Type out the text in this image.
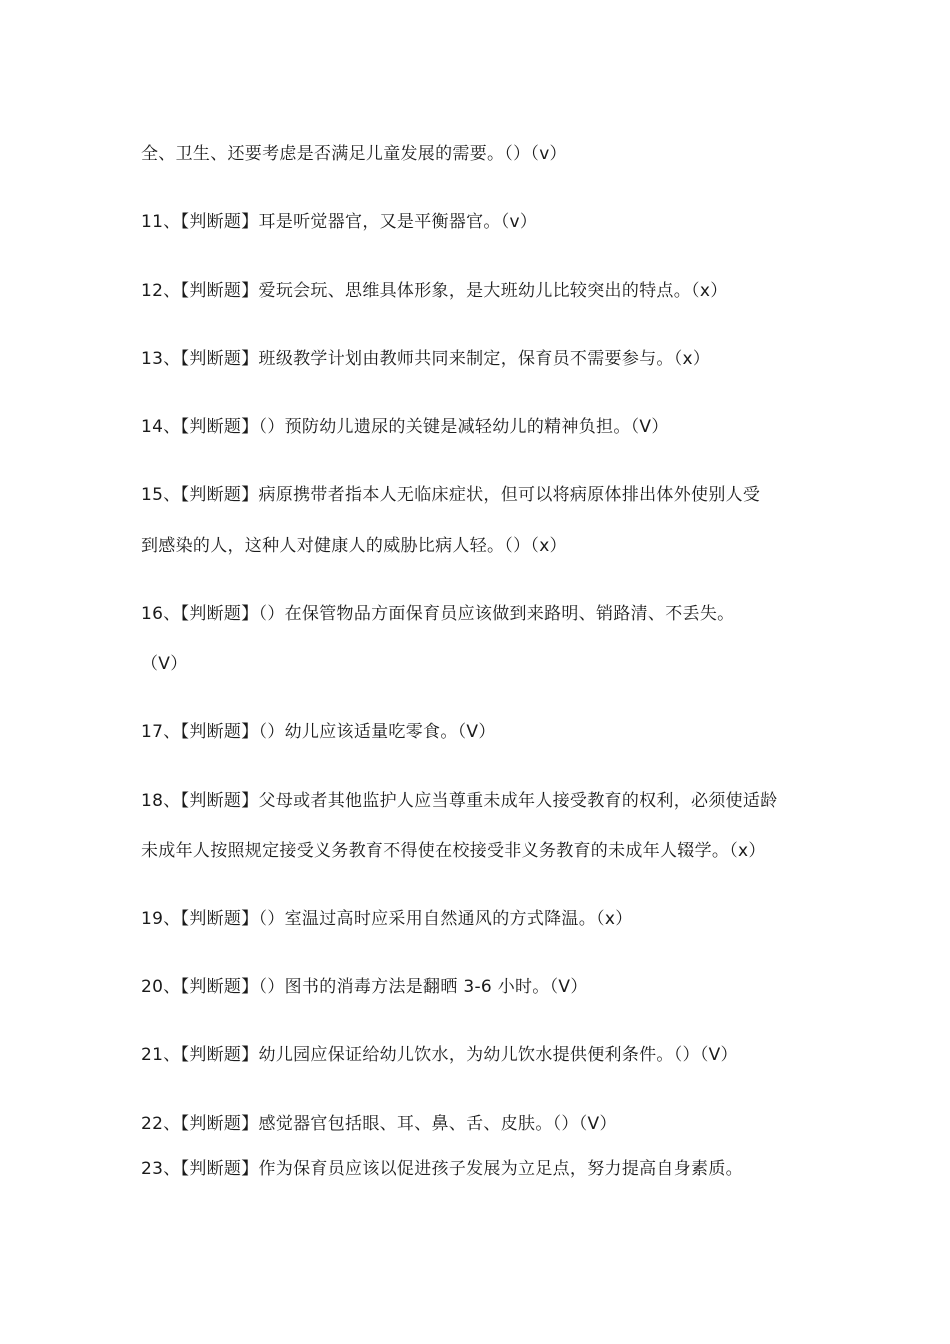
全、卫生、还要考虑是否满足儿童发展的需要。（）（v）
11、【判断题】耳是听觉器官，又是平衡器官。（v）
12、【判断题】爱玩会玩、思维具体形象，是大班幼儿比较突出的特点。（x）
13、【判断题】班级教学计划由教师共同来制定，保育员不需要参与。（x）
14、【判断题】（）预防幼儿遗尿的关键是减轻幼儿的精神负担。（V）
15、【判断题】病原携带者指本人无临床症状，但可以将病原体排出体外使别人受
到感染的人，这种人对健康人的威胁比病人轻。（）（x）
16、【判断题】（）在保管物品方面保育员应该做到来路明、销路清、不丢失。
（V）
17、【判断题】（）幼儿应该适量吃零食。（V）
18、【判断题】父母或者其他监护人应当尊重未成年人接受教育的权利，必须使适龄
未成年人按照规定接受义务教育不得使在校接受非义务教育的未成年人辍学。（x）
19、【判断题】（）室温过高时应采用自然通风的方式降温。（x）
20、【判断题】（）图书的消毒方法是翻晒 3-6 小时。（V）
21、【判断题】幼儿园应保证给幼儿饮水，为幼儿饮水提供便利条件。（）（V）
22、【判断题】感觉器官包括眼、耳、鼻、舌、皮肤。（）（V）
23、【判断题】作为保育员应该以促进孩子发展为立足点，努力提高自身素质。
